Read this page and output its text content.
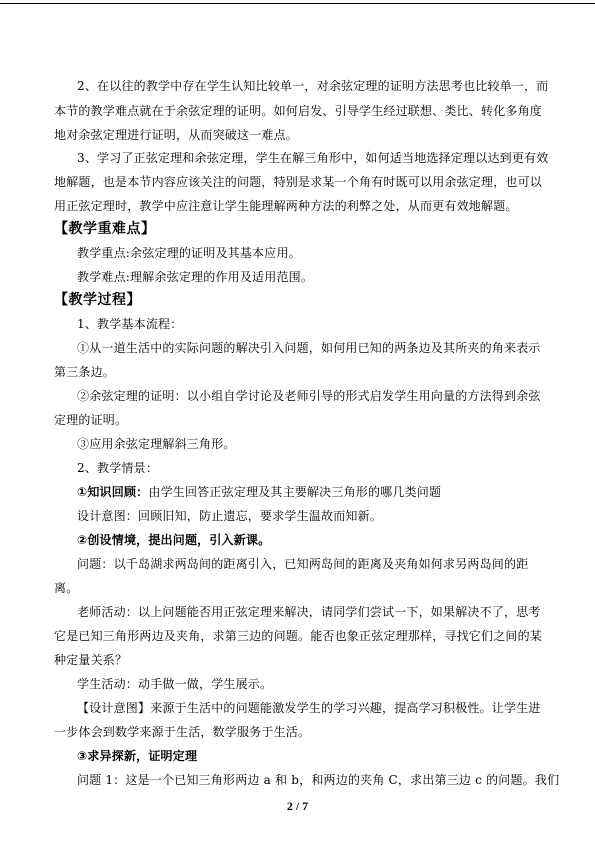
2、在以往的教学中存在学生认知比较单一，对余弦定理的证明方法思考也比较单一，而
本节的教学难点就在于余弦定理的证明。如何启发、引导学生经过联想、类比、转化多角度
地对余弦定理进行证明，从而突破这一难点。
3、学习了正弦定理和余弦定理，学生在解三角形中，如何适当地选择定理以达到更有效
地解题，也是本节内容应该关注的问题，特别是求某一个角有时既可以用余弦定理，也可以
用正弦定理时，教学中应注意让学生能理解两种方法的利弊之处，从而更有效地解题。
【教学重难点】
教学重点:余弦定理的证明及其基本应用。
教学难点:理解余弦定理的作用及适用范围。
【教学过程】
1、教学基本流程：
①从一道生活中的实际问题的解决引入问题，如何用已知的两条边及其所夹的角来表示
第三条边。
②余弦定理的证明：以小组自学讨论及老师引导的形式启发学生用向量的方法得到余弦
定理的证明。
③应用余弦定理解斜三角形。
2、教学情景：
①知识回顾：由学生回答正弦定理及其主要解决三角形的哪几类问题
设计意图：回顾旧知，防止遗忘，要求学生温故而知新。
②创设情境，提出问题，引入新课。
问题：以千岛湖求两岛间的距离引入，已知两岛间的距离及夹角如何求另两岛间的距
离。
老师活动：以上问题能否用正弦定理来解决，请同学们尝试一下，如果解决不了，思考
它是已知三角形两边及夹角，求第三边的问题。能否也象正弦定理那样，寻找它们之间的某
种定量关系？
学生活动：动手做一做，学生展示。
【设计意图】来源于生活中的问题能激发学生的学习兴趣，提高学习积极性。让学生进
一步体会到数学来源于生活，数学服务于生活。
③求异探新，证明定理
问题 1：这是一个已知三角形两边 a 和 b，和两边的夹角 C，求出第三边 c 的问题。我们
2 / 7
